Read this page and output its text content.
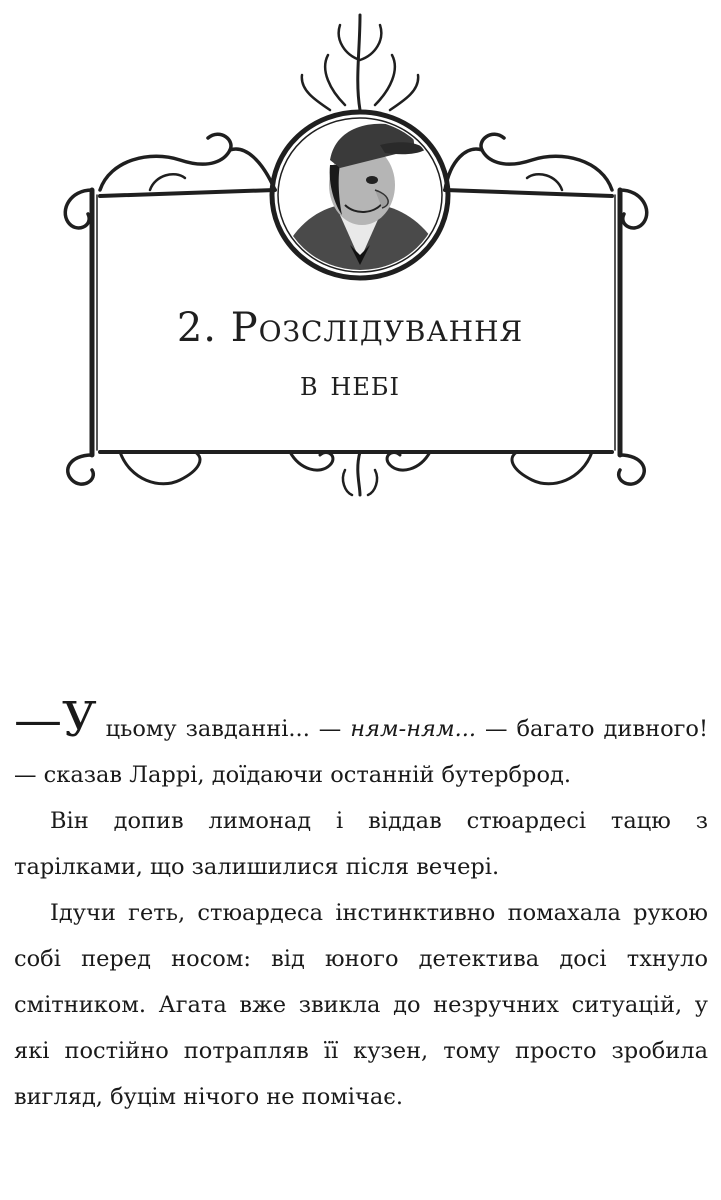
2. Розслідування
в небі

—У цьому завданні... — ням-ням... — багато дивного! — сказав Ларрі, доїдаючи останній бутерброд.

Він допив лимонад і віддав стюардесі тацю з тарілками, що залишилися після вечері.

Ідучи геть, стюардеса інстинктивно помахала рукою собі перед носом: від юного детектива досі тхнуло смітником. Агата вже звикла до незручних ситуацій, у які постійно потрапляв її кузен, тому просто зробила вигляд, буцім нічого не помічає.
